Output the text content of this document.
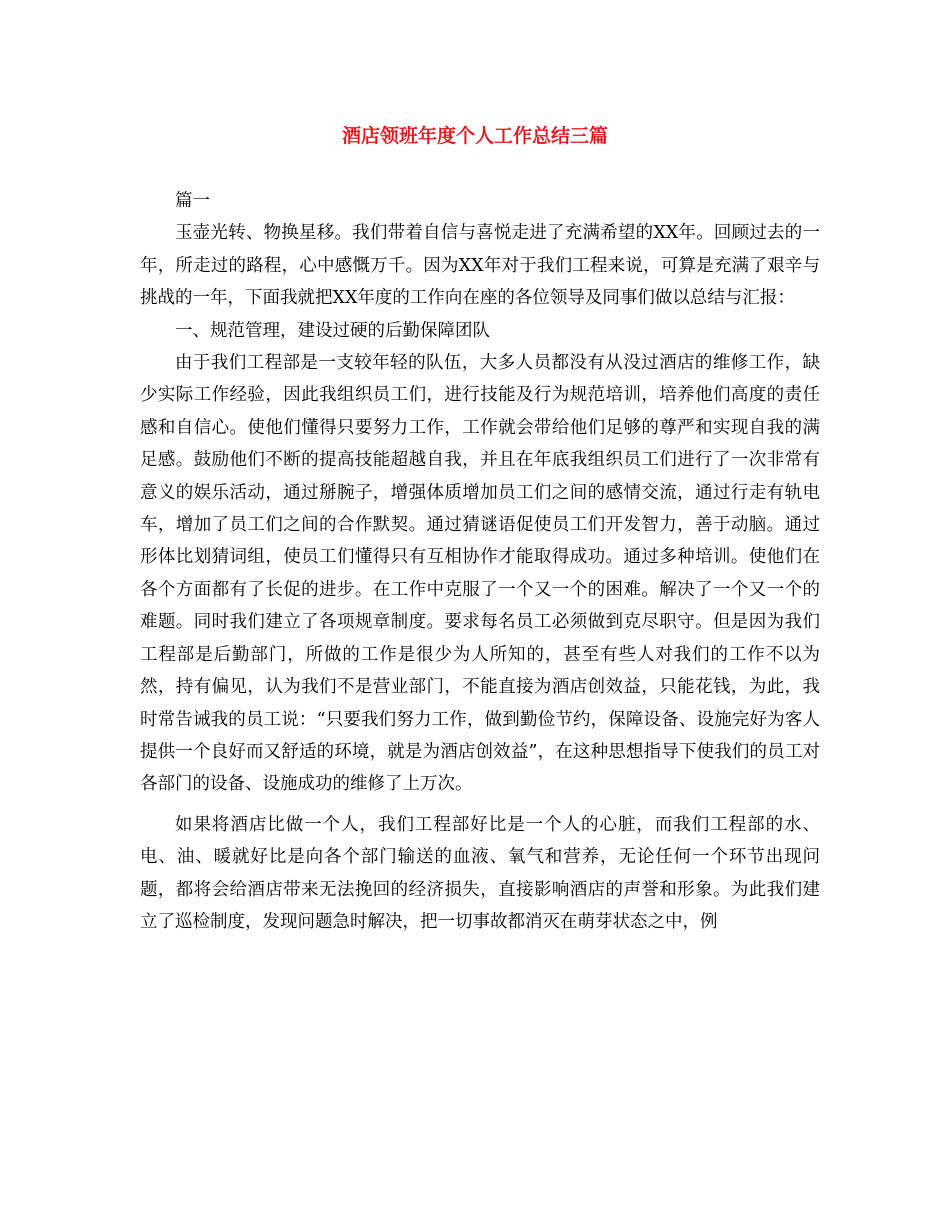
酒店领班年度个人工作总结三篇

篇一

玉壶光转、物换星移。我们带着自信与喜悦走进了充满希望的XX年。回顾过去的一年，所走过的路程，心中感慨万千。因为XX年对于我们工程来说，可算是充满了艰辛与挑战的一年，下面我就把XX年度的工作向在座的各位领导及同事们做以总结与汇报：

一、规范管理，建设过硬的后勤保障团队

由于我们工程部是一支较年轻的队伍，大多人员都没有从没过酒店的维修工作，缺少实际工作经验，因此我组织员工们，进行技能及行为规范培训，培养他们高度的责任感和自信心。使他们懂得只要努力工作，工作就会带给他们足够的尊严和实现自我的满足感。鼓励他们不断的提高技能超越自我，并且在年底我组织员工们进行了一次非常有意义的娱乐活动，通过掰腕子，增强体质增加员工们之间的感情交流，通过行走有轨电车，增加了员工们之间的合作默契。通过猜谜语促使员工们开发智力，善于动脑。通过形体比划猜词组，使员工们懂得只有互相协作才能取得成功。通过多种培训。使他们在各个方面都有了长促的进步。在工作中克服了一个又一个的困难。解决了一个又一个的难题。同时我们建立了各项规章制度。要求每名员工必须做到克尽职守。但是因为我们工程部是后勤部门，所做的工作是很少为人所知的，甚至有些人对我们的工作不以为然，持有偏见，认为我们不是营业部门，不能直接为酒店创效益，只能花钱，为此，我时常告诫我的员工说：“只要我们努力工作，做到勤俭节约，保障设备、设施完好为客人提供一个良好而又舒适的环境，就是为酒店创效益”，在这种思想指导下使我们的员工对各部门的设备、设施成功的维修了上万次。

如果将酒店比做一个人，我们工程部好比是一个人的心脏，而我们工程部的水、电、油、暖就好比是向各个部门输送的血液、氧气和营养，无论任何一个环节出现问题，都将会给酒店带来无法挽回的经济损失，直接影响酒店的声誉和形象。为此我们建立了巡检制度，发现问题急时解决，把一切事故都消灭在萌芽状态之中，例
